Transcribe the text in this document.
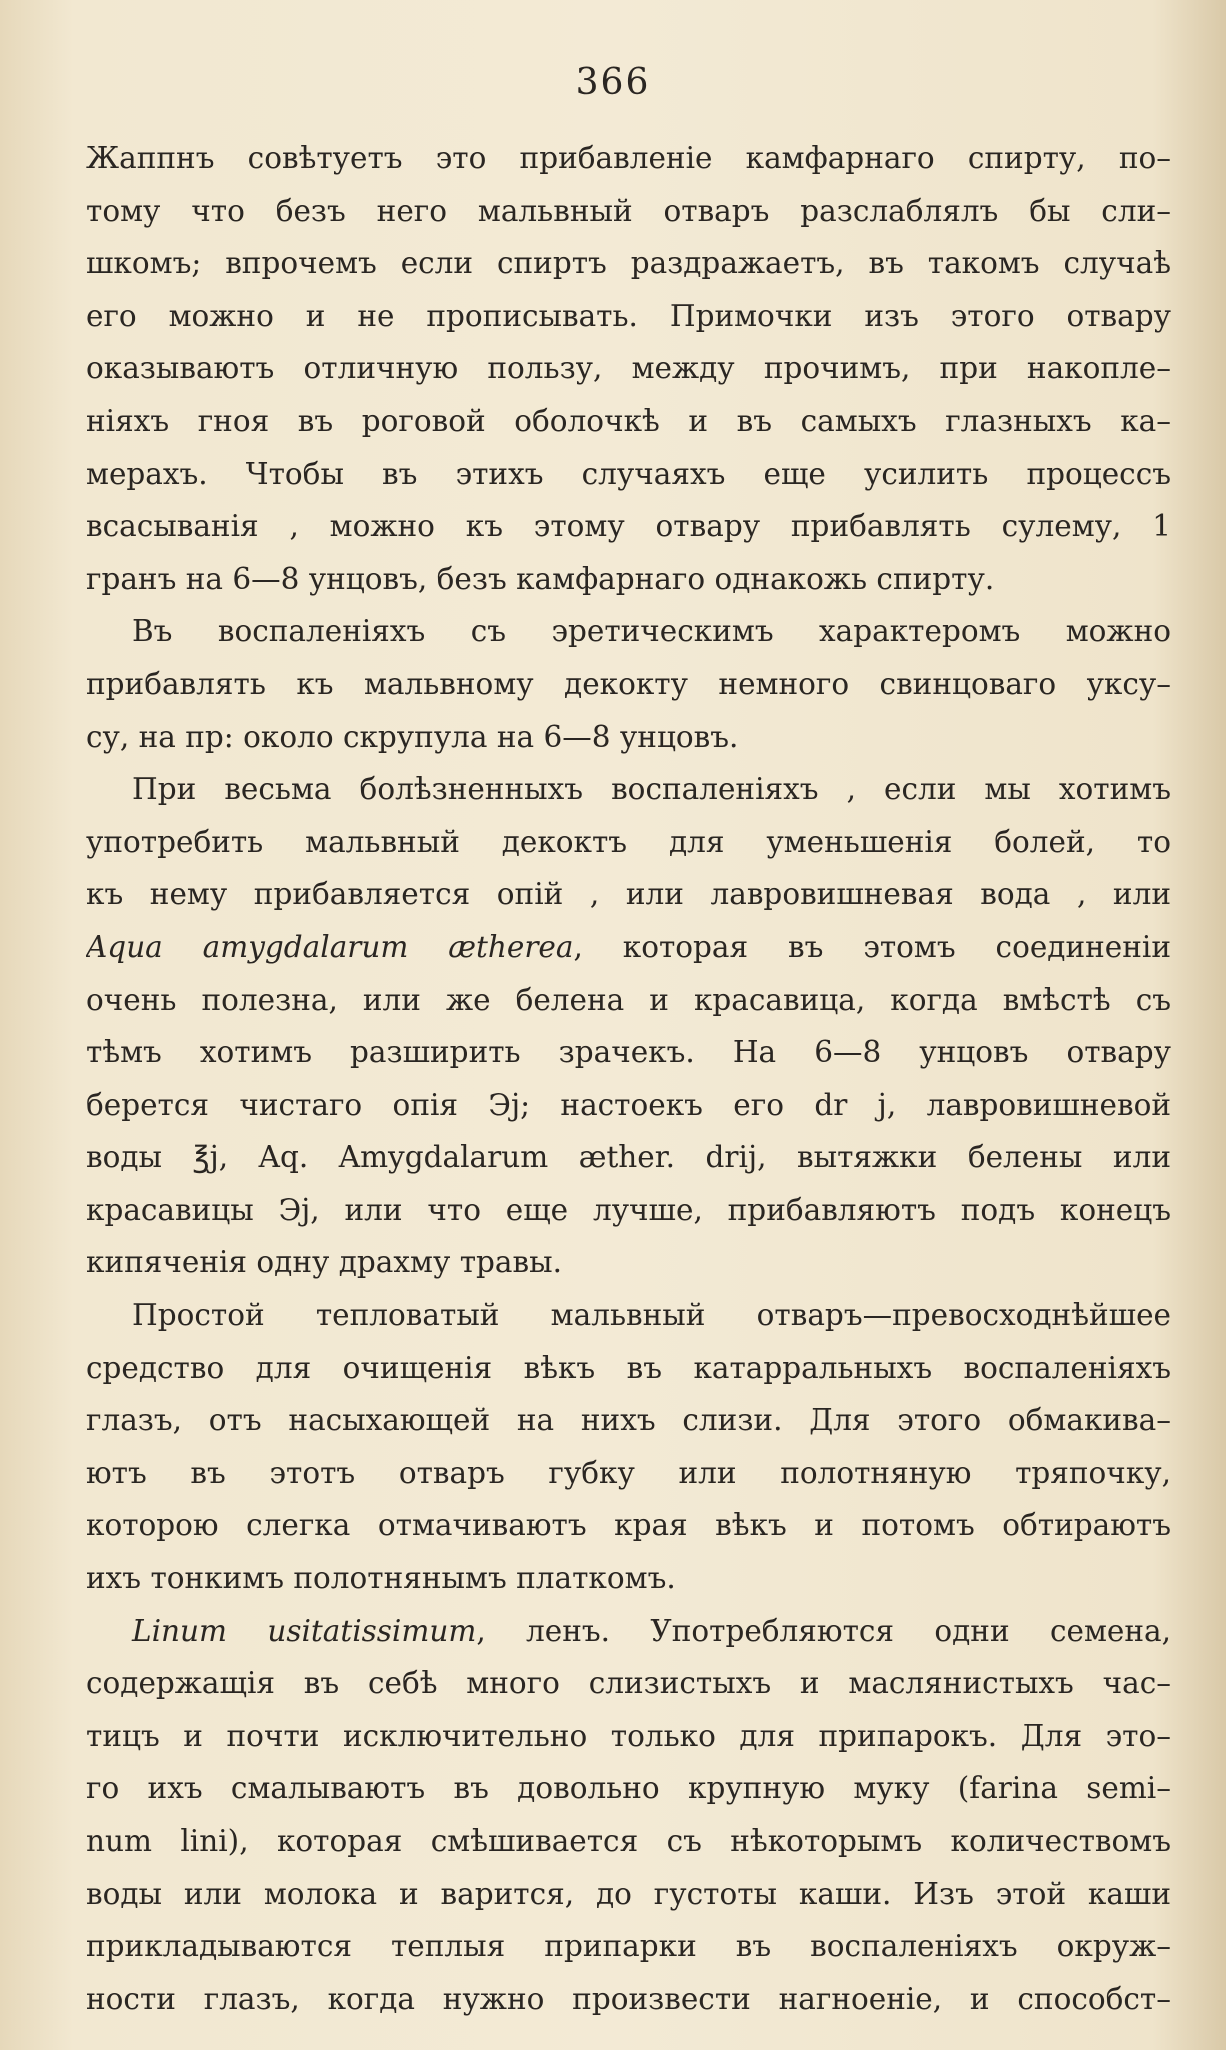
366
Жаппнъ совѣтуетъ это прибавленіе камфарнаго спирту, по–
тому что безъ него мальвный отваръ разслаблялъ бы сли–
шкомъ; впрочемъ если спиртъ раздражаетъ, въ такомъ случаѣ
его можно и не прописывать. Примочки изъ этого отвару
оказываютъ отличную пользу, между прочимъ, при накопле–
ніяхъ гноя въ роговой оболочкѣ и въ самыхъ глазныхъ ка–
мерахъ. Чтобы въ этихъ случаяхъ еще усилить процессъ
всасыванія , можно къ этому отвару прибавлять сулему, 1
гранъ на 6—8 унцовъ, безъ камфарнаго однакожь спирту.
Въ воспаленіяхъ съ эретическимъ характеромъ можно
прибавлять къ мальвному декокту немного свинцоваго уксу–
су, на пр: около скрупула на 6—8 унцовъ.
При весьма болѣзненныхъ воспаленіяхъ , если мы хотимъ
употребить мальвный декоктъ для уменьшенія болей, то
къ нему прибавляется опій , или лавровишневая вода , или
Aqua amygdalarum æthereа, которая въ этомъ соединеніи
очень полезна, или же белена и красавица, когда вмѣстѣ съ
тѣмъ хотимъ разширить зрачекъ. На 6—8 унцовъ отвару
берется чистаго опія Эj; настоекъ его dr j, лавровишневой
воды ℥j, Aq. Amygdalarum æther. drij, вытяжки белены или
красавицы Эj, или что еще лучше, прибавляютъ подъ конецъ
кипяченія одну драхму травы.
Простой тепловатый мальвный отваръ—превосходнѣйшее
средство для очищенія вѣкъ въ катарральныхъ воспаленіяхъ
глазъ, отъ насыхающей на нихъ слизи. Для этого обмакива–
ютъ въ этотъ отваръ губку или полотняную тряпочку,
которою слегка отмачиваютъ края вѣкъ и потомъ обтираютъ
ихъ тонкимъ полотнянымъ платкомъ.
Linum usitatissimum, ленъ. Употребляются одни семена,
содержащія въ себѣ много слизистыхъ и маслянистыхъ час–
тицъ и почти исключительно только для припарокъ. Для это–
го ихъ смалываютъ въ довольно крупную муку (farina semi–
num lini), которая смѣшивается съ нѣкоторымъ количествомъ
воды или молока и варится, до густоты каши. Изъ этой каши
прикладываются теплыя припарки въ воспаленіяхъ окруж–
ности глазъ, когда нужно произвести нагноеніе, и способст–
